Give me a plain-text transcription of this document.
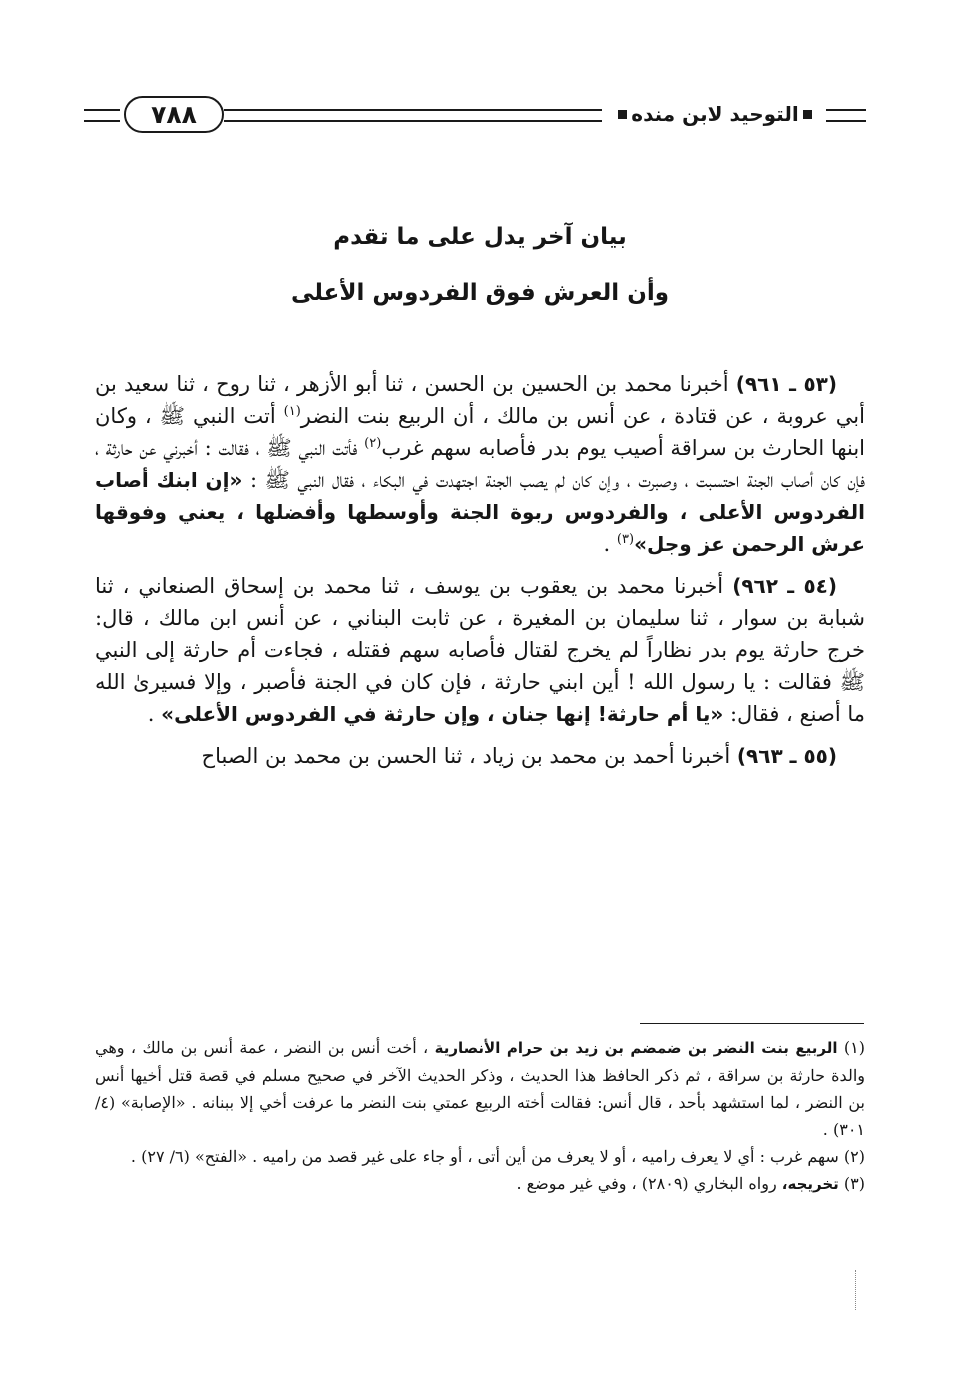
٧٨٨	التوحيد لابن منده
بيان آخر يدل على ما تقدم
وأن العرش فوق الفردوس الأعلى

(٥٣ ـ ٩٦١) أخبرنا محمد بن الحسين بن الحسن ، ثنا أبو الأزهر ، ثنا روح ، ثنا سعيد بن أبي عروبة ، عن قتادة ، عن أنس بن مالك ، أن الربيع بنت النضر$^{(١)}$ أتت النبي ﷺ ، وكان ابنها الحارث بن سراقة أصيب يوم بدر فأصابه سهم غرب$^{(٢)}$ فأتت النبي ﷺ ، فقالت : أخبرني عن حارثة ، فإن كان أصاب الجنة احتسبت ، وصبرت ، وإن كان لم يصب الجنة اجتهدت في البكاء ، فقال النبي ﷺ : «إن ابنك أصاب الفردوس الأعلى ، والفردوس ربوة الجنة وأوسطها وأفضلها ، يعني وفوقها عرش الرحمن عز وجل»$^{(٣)}$ .

(٥٤ ـ ٩٦٢) أخبرنا محمد بن يعقوب بن يوسف ، ثنا محمد بن إسحاق الصنعاني ، ثنا شبابة بن سوار ، ثنا سليمان بن المغيرة ، عن ثابت البناني ، عن أنس ابن مالك ، قال: خرج حارثة يوم بدر نظاراً لم يخرج لقتال فأصابه سهم فقتله ، فجاءت أم حارثة إلى النبي ﷺ فقالت : يا رسول الله ! أين ابني حارثة ، فإن كان في الجنة فأصبر ، وإلا فسيرىٰ الله ما أصنع ، فقال: «يا أم حارثة! إنها جنان ، وإن حارثة في الفردوس الأعلى» .

(٥٥ ـ ٩٦٣) أخبرنا أحمد بن محمد بن زياد ، ثنا الحسن بن محمد بن الصباح

(١) الربيع بنت النضر بن ضمضم بن زيد بن حرام الأنصارية ، أخت أنس بن النضر ، عمة أنس بن مالك ، وهي والدة حارثة بن سراقة ، ثم ذكر الحافظ هذا الحديث ، وذكر الحديث الآخر في صحيح مسلم في قصة قتل أخيها أنس بن النضر ، لما استشهد بأحد ، قال أنس: فقالت أخته الربيع عمتي بنت النضر ما عرفت أخي إلا ببنانه . «الإصابة» (٤/ ٣٠١) .

(٢) سهم غرب : أي لا يعرف راميه ، أو لا يعرف من أين أتى ، أو جاء على غير قصد من راميه . «الفتح» (٦/ ٢٧) .

(٣) تخريجه، رواه البخاري (٢٨٠٩) ، وفي غير موضع .
